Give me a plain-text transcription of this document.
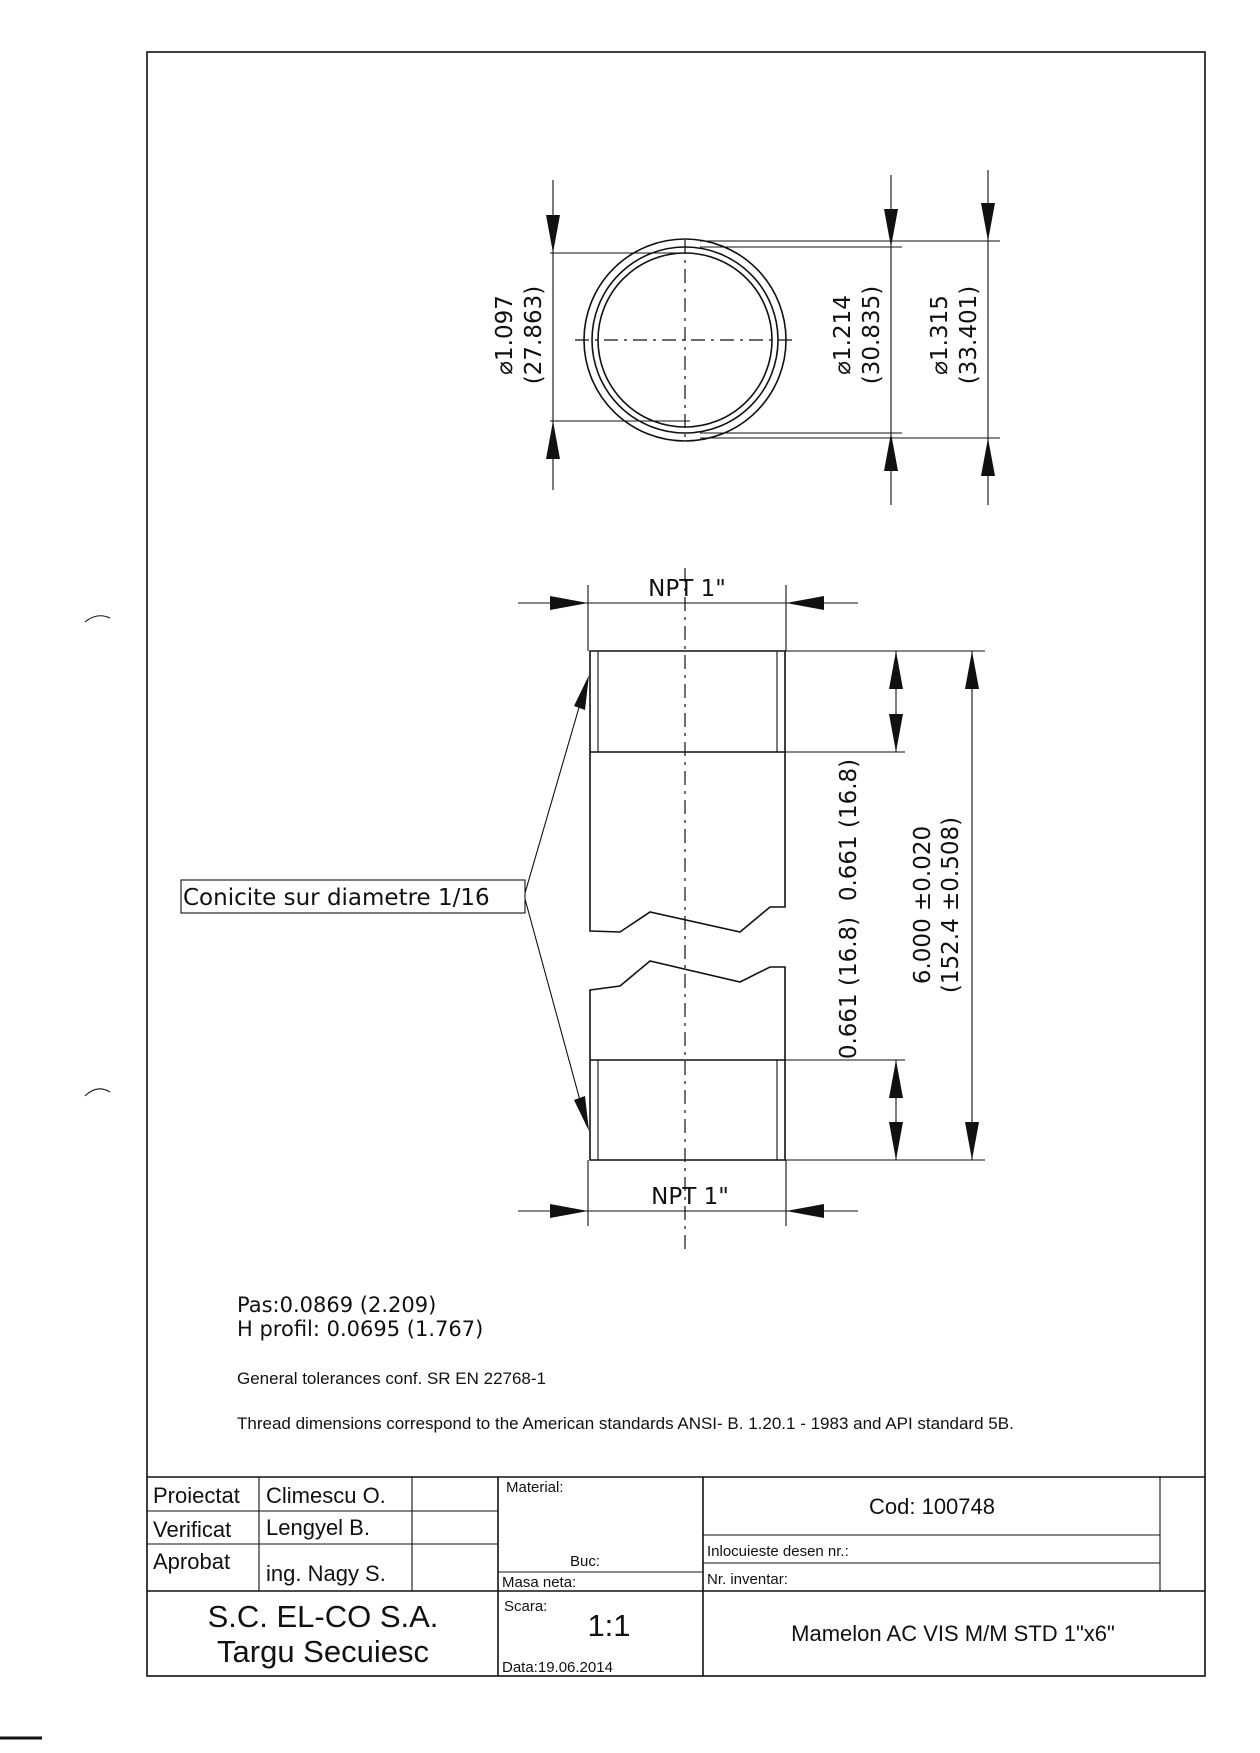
⌀1.097 (27.863)	⌀1.214 (30.835) ⌀1.315 (33.401)
NPT 1"
NPT 1"
0.661 (16.8)
0.661 (16.8)
6.000 ±0.020 (152.4 ±0.508)
Conicite sur diametre 1/16
Pas:0.0869 (2.209)
H profil: 0.0695 (1.767)
General tolerances conf. SR EN 22768-1
Thread dimensions correspond to the American standards ANSI- B. 1.20.1 - 1983 and API standard 5B.
Proiectat Climescu O.
Verificat Lengyel B.
Aprobat ing. Nagy S.
Material:
Buc:
Masa neta:
Cod: 100748
Inlocuieste desen nr.:
Nr. inventar:
S.C. EL-CO S.A.
Targu Secuiesc
Scara:
1:1
Data:19.06.2014
Mamelon AC VIS M/M STD 1"x6"
